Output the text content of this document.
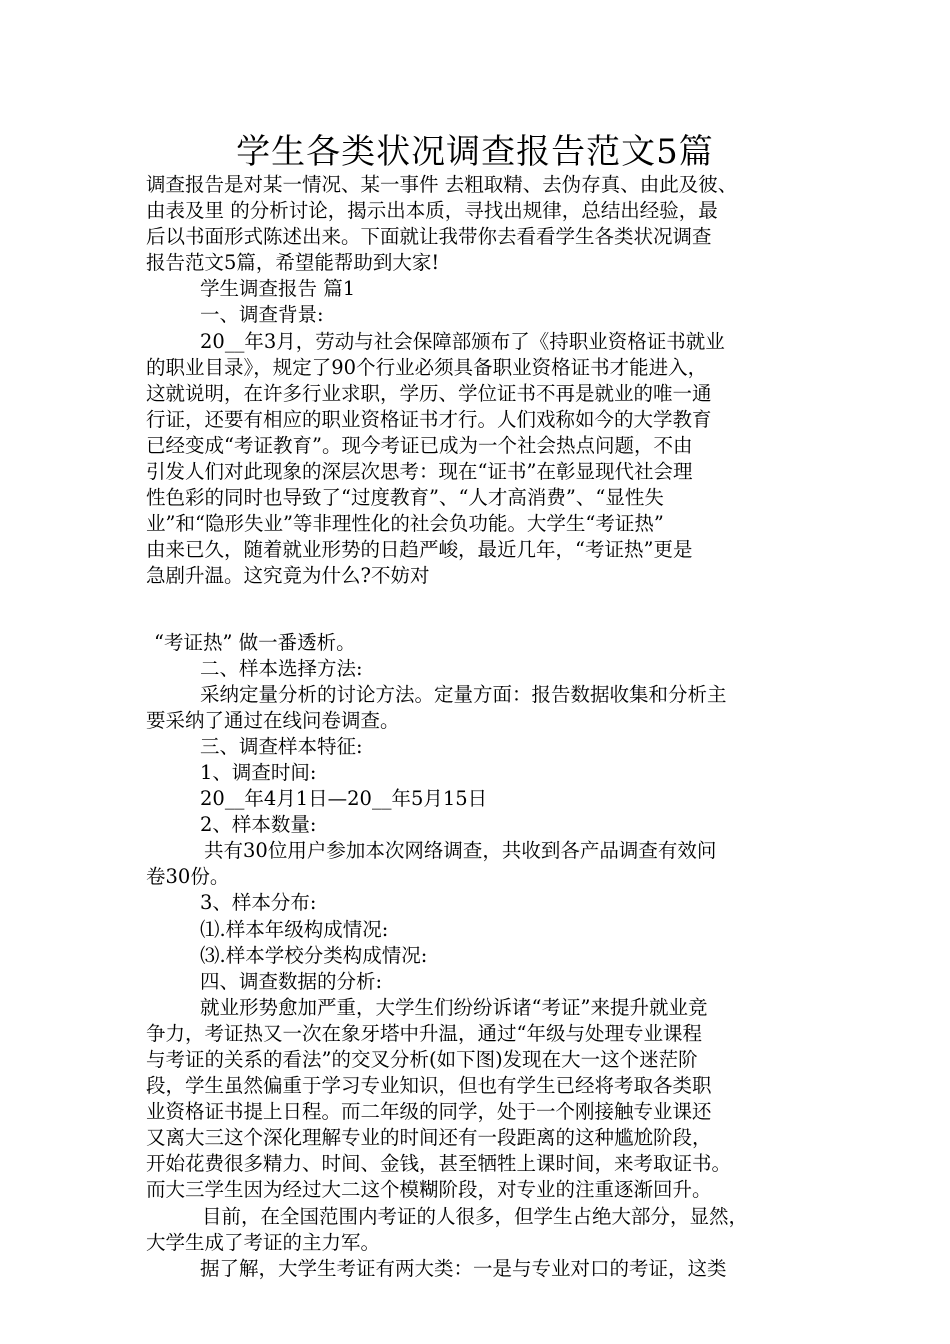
学生各类状况调查报告范文5篇
调查报告是对某一情况、某一事件 去粗取精、去伪存真、由此及彼、
由表及里 的分析讨论，揭示出本质，寻找出规律，总结出经验，最
后以书面形式陈述出来。下面就让我带你去看看学生各类状况调查
报告范文5篇，希望能帮助到大家!
学生调查报告 篇1
一、调查背景:
20__年3月，劳动与社会保障部颁布了《持职业资格证书就业
的职业目录》，规定了90个行业必须具备职业资格证书才能进入，
这就说明，在许多行业求职，学历、学位证书不再是就业的唯一通
行证，还要有相应的职业资格证书才行。人们戏称如今的大学教育
已经变成“考证教育”。现今考证已成为一个社会热点问题，不由
引发人们对此现象的深层次思考：现在“证书”在彰显现代社会理
性色彩的同时也导致了“过度教育”、“人才高消费”、“显性失
业”和“隐形失业”等非理性化的社会负功能。大学生“考证热”
由来已久，随着就业形势的日趋严峻，最近几年，“考证热”更是
急剧升温。这究竟为什么?不妨对
“考证热” 做一番透析。
二、样本选择方法:
采纳定量分析的讨论方法。定量方面：报告数据收集和分析主
要采纳了通过在线问卷调查。
三、调查样本特征:
1、调查时间:
20__年4月1日—20__年5月15日
2、样本数量:
共有30位用户参加本次网络调查，共收到各产品调查有效问
卷30份。
3、样本分布:
⑴.样本年级构成情况:
⑶.样本学校分类构成情况:
四、调查数据的分析:
就业形势愈加严重，大学生们纷纷诉诸“考证”来提升就业竞
争力，考证热又一次在象牙塔中升温，通过“年级与处理专业课程
与考证的关系的看法”的交叉分析(如下图)发现在大一这个迷茫阶
段，学生虽然偏重于学习专业知识，但也有学生已经将考取各类职
业资格证书提上日程。而二年级的同学，处于一个刚接触专业课还
又离大三这个深化理解专业的时间还有一段距离的这种尴尬阶段，
开始花费很多精力、时间、金钱，甚至牺牲上课时间，来考取证书。
而大三学生因为经过大二这个模糊阶段，对专业的注重逐渐回升。
目前，在全国范围内考证的人很多，但学生占绝大部分，显然，
大学生成了考证的主力军。
据了解，大学生考证有两大类：一是与专业对口的考证，这类
